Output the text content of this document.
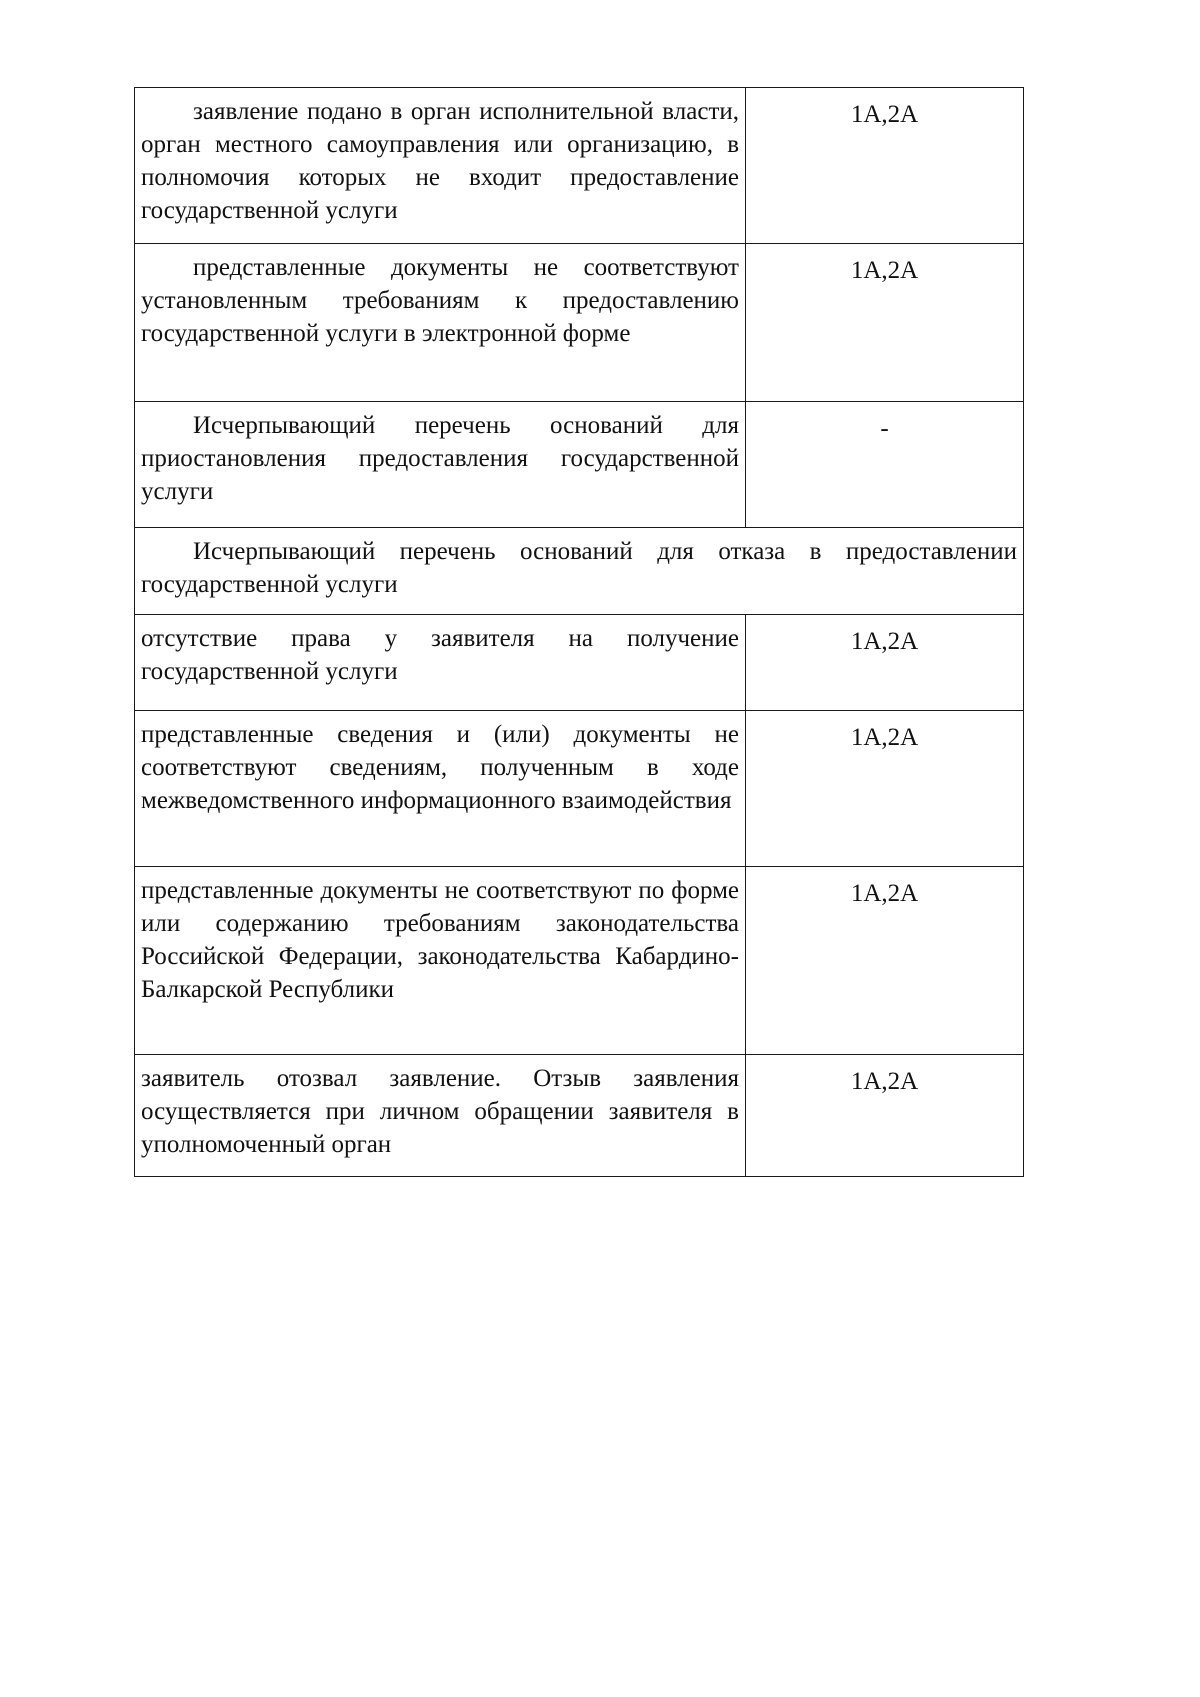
заявление подано в орган исполнительной власти, орган местного самоуправления или организацию, в полномочия которых не входит предоставление государственной услуги	1А,2А
представленные документы не соответствуют установленным требованиям к предоставлению государственной услуги в электронной форме	1А,2А
Исчерпывающий перечень оснований для приостановления предоставления государственной услуги	-
Исчерпывающий перечень оснований для отказа в предоставлении государственной услуги	
отсутствие права у заявителя на получение государственной услуги	1А,2А
представленные сведения и (или) документы не соответствуют сведениям, полученным в ходе межведомственного информационного взаимодействия	1А,2А
представленные документы не соответствуют по форме или содержанию требованиям законодательства Российской Федерации, законодательства Кабардино-Балкарской Республики	1А,2А
заявитель отозвал заявление. Отзыв заявления осуществляется при личном обращении заявителя в уполномоченный орган	1А,2А
